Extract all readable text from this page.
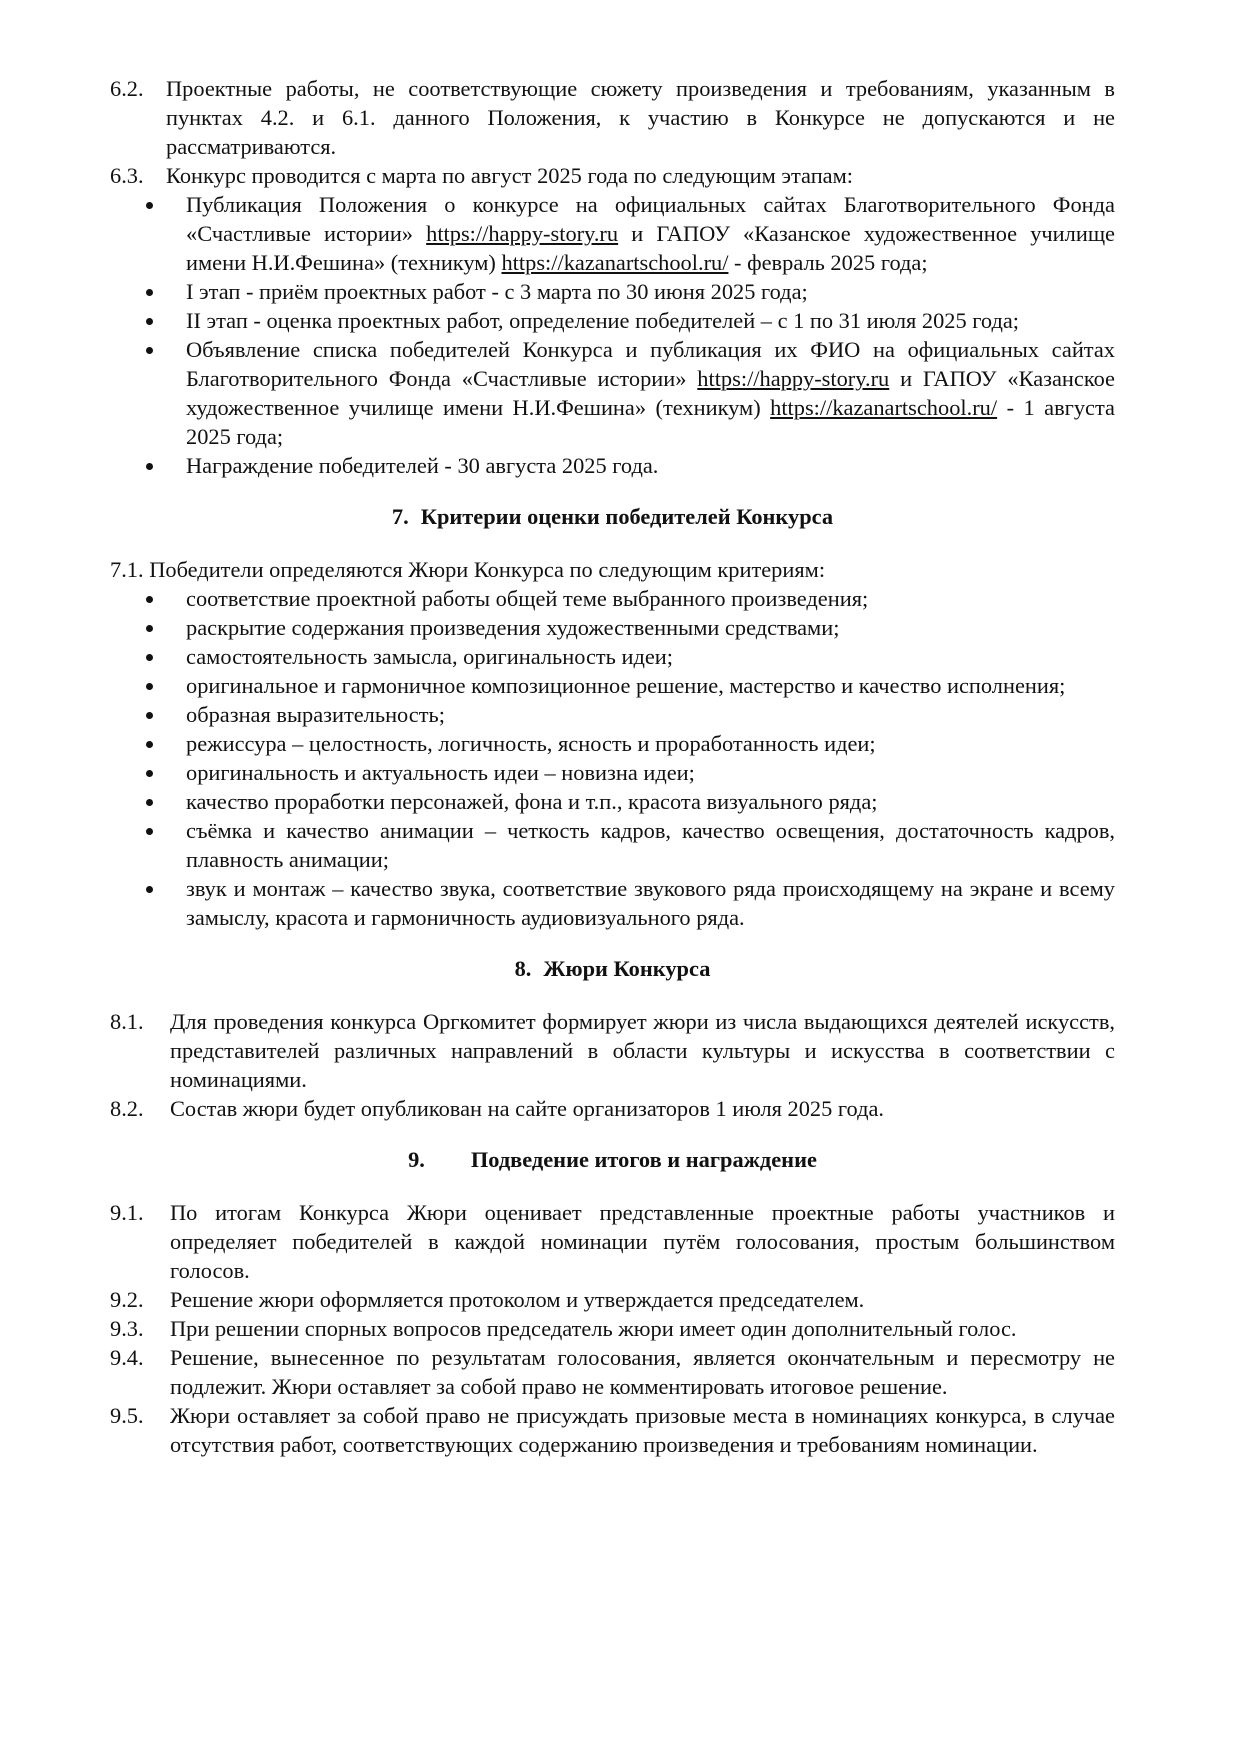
6.2. Проектные работы, не соответствующие сюжету произведения и требованиям, указанным в пунктах 4.2. и 6.1. данного Положения, к участию в Конкурсе не допускаются и не рассматриваются.

6.3. Конкурс проводится с марта по август 2025 года по следующим этапам:

Публикация Положения о конкурсе на официальных сайтах Благотворительного Фонда «Счастливые истории» https://happy-story.ru и ГАПОУ «Казанское художественное училище имени Н.И.Фешина» (техникум) https://kazanartschool.ru/ - февраль 2025 года;
I этап - приём проектных работ - с 3 марта по 30 июня 2025 года;
II этап - оценка проектных работ, определение победителей – с 1 по 31 июля 2025 года;
Объявление списка победителей Конкурса и публикация их ФИО на официальных сайтах Благотворительного Фонда «Счастливые истории» https://happy-story.ru и ГАПОУ «Казанское художественное училище имени Н.И.Фешина» (техникум) https://kazanartschool.ru/ - 1 августа 2025 года;
Награждение победителей - 30 августа 2025 года.
7. Критерии оценки победителей Конкурса

7.1. Победители определяются Жюри Конкурса по следующим критериям:

соответствие проектной работы общей теме выбранного произведения;
раскрытие содержания произведения художественными средствами;
самостоятельность замысла, оригинальность идеи;
оригинальное и гармоничное композиционное решение, мастерство и качество исполнения;
образная выразительность;
режиссура – целостность, логичность, ясность и проработанность идеи;
оригинальность и актуальность идеи – новизна идеи;
качество проработки персонажей, фона и т.п., красота визуального ряда;
съёмка и качество анимации – четкость кадров, качество освещения, достаточность кадров, плавность анимации;
звук и монтаж – качество звука, соответствие звукового ряда происходящему на экране и всему замыслу, красота и гармоничность аудиовизуального ряда.
8. Жюри Конкурса

8.1. Для проведения конкурса Оргкомитет формирует жюри из числа выдающихся деятелей искусств, представителей различных направлений в области культуры и искусства в соответствии с номинациями.

8.2. Состав жюри будет опубликован на сайте организаторов 1 июля 2025 года.

9. Подведение итогов и награждение

9.1. По итогам Конкурса Жюри оценивает представленные проектные работы участников и определяет победителей в каждой номинации путём голосования, простым большинством голосов.

9.2. Решение жюри оформляется протоколом и утверждается председателем.

9.3. При решении спорных вопросов председатель жюри имеет один дополнительный голос.

9.4. Решение, вынесенное по результатам голосования, является окончательным и пересмотру не подлежит. Жюри оставляет за собой право не комментировать итоговое решение.

9.5. Жюри оставляет за собой право не присуждать призовые места в номинациях конкурса, в случае отсутствия работ, соответствующих содержанию произведения и требованиям номинации.
